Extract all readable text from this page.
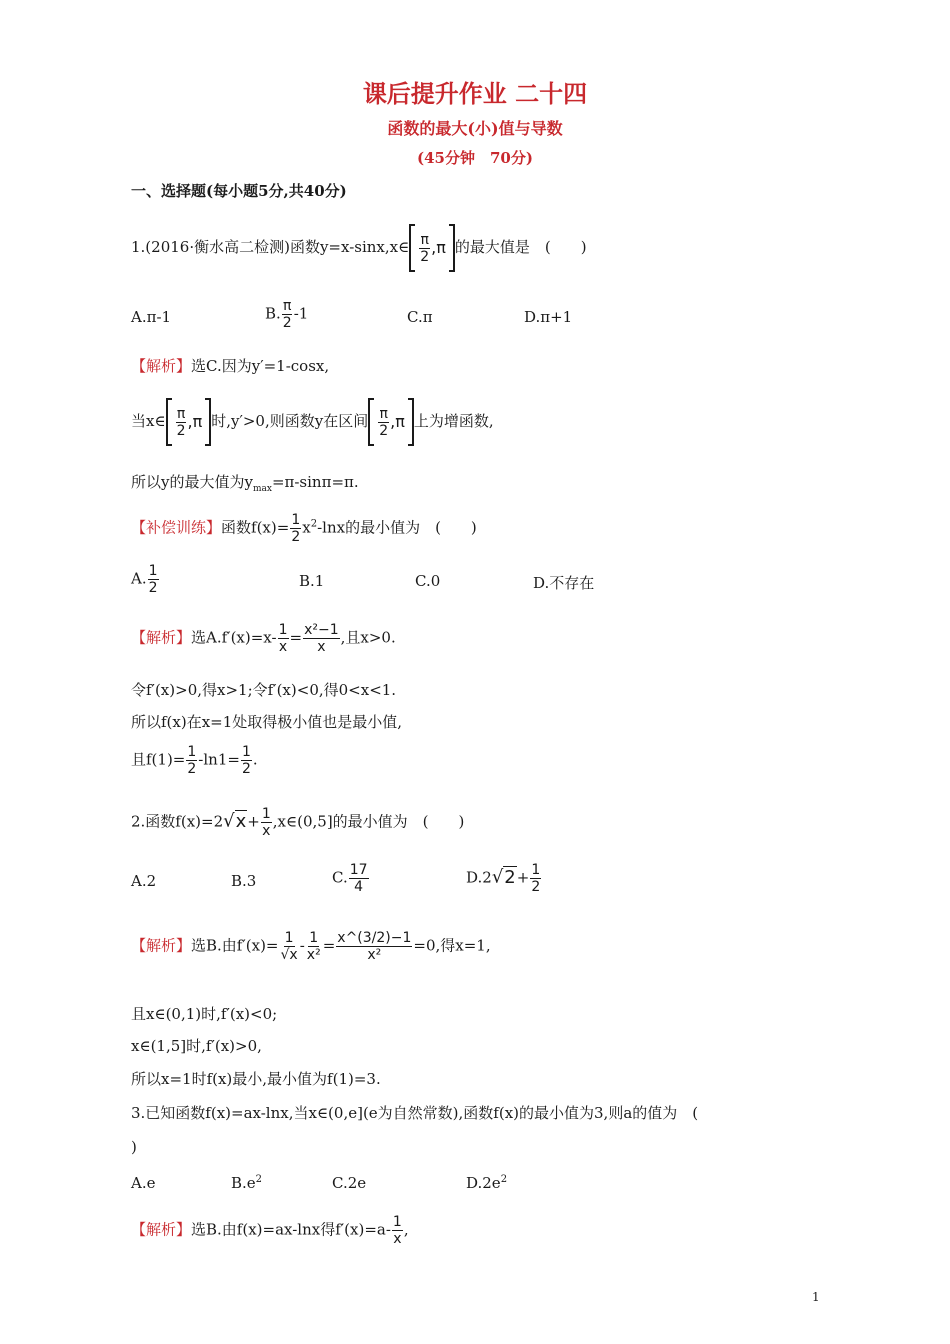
课后提升作业 二十四
函数的最大(小)值与导数
(45分钟　70分)
一、选择题(每小题5分,共40分)
1.(2016·衡水高二检测)函数y=x-sinx,x∈ $\frac{\pi}{2} ,\pi$ 的最大值是　(　　)
A.π-1	B. $\frac{\pi}{2} -1$	C.π	D.π+1
【解析】选C.因为y′=1-cosx,
当x∈ $\frac{\pi}{2} ,\pi$ 时,y′>0,则函数y在区间 $\frac{\pi}{2} ,\pi$ 上为增函数,
所以y的最大值为$y_{max}=\pi-\sin\pi=\pi$.
【补偿训练】函数$f(x)= \frac{1}{2} x^2-\ln x$的最小值为　(　　)
A. $\frac{1}{2}$	B.1	C.0	D.不存在
【解析】选$A.f'(x)=x- \frac{1}{x} = \frac{\text{x²−1}}{x}$ ,且x>0.
令f′(x)>0,得x>1;令f′(x)<0,得0<x<1.
所以f(x)在x=1处取得极小值也是最小值,
且$f(1)= \frac{1}{2} -\ln 1= \frac{1}{2}$ .
2.函数$f(x)=2√x+ \frac{1}{x}$ ,x∈(0,5]的最小值为　(　　)
A.2	B.3	C. $\frac{17}{4}$	$D.2√2+ \frac{1}{2}$
【解析】选B.由$f'(x)= \frac{1}{√x} - \frac{1}{\text{x²}} = \frac{x\^{}(3/2)-1}{\text{x²}} =0$,得x=1,
且x∈(0,1)时,f′(x)<0;
x∈(1,5]时,f′(x)>0,
所以x=1时f(x)最小,最小值为f(1)=3.
3.已知函数f(x)=ax-lnx,当x∈(0,e](e为自然常数),函数f(x)的最小值为3,则a的值为　(
)
A.e	$B.e^2$	C.2e	$D.2e^2$
【解析】选B.由f(x)=ax-lnx得$f'(x)=a- \frac{1}{x}$ ,
1
